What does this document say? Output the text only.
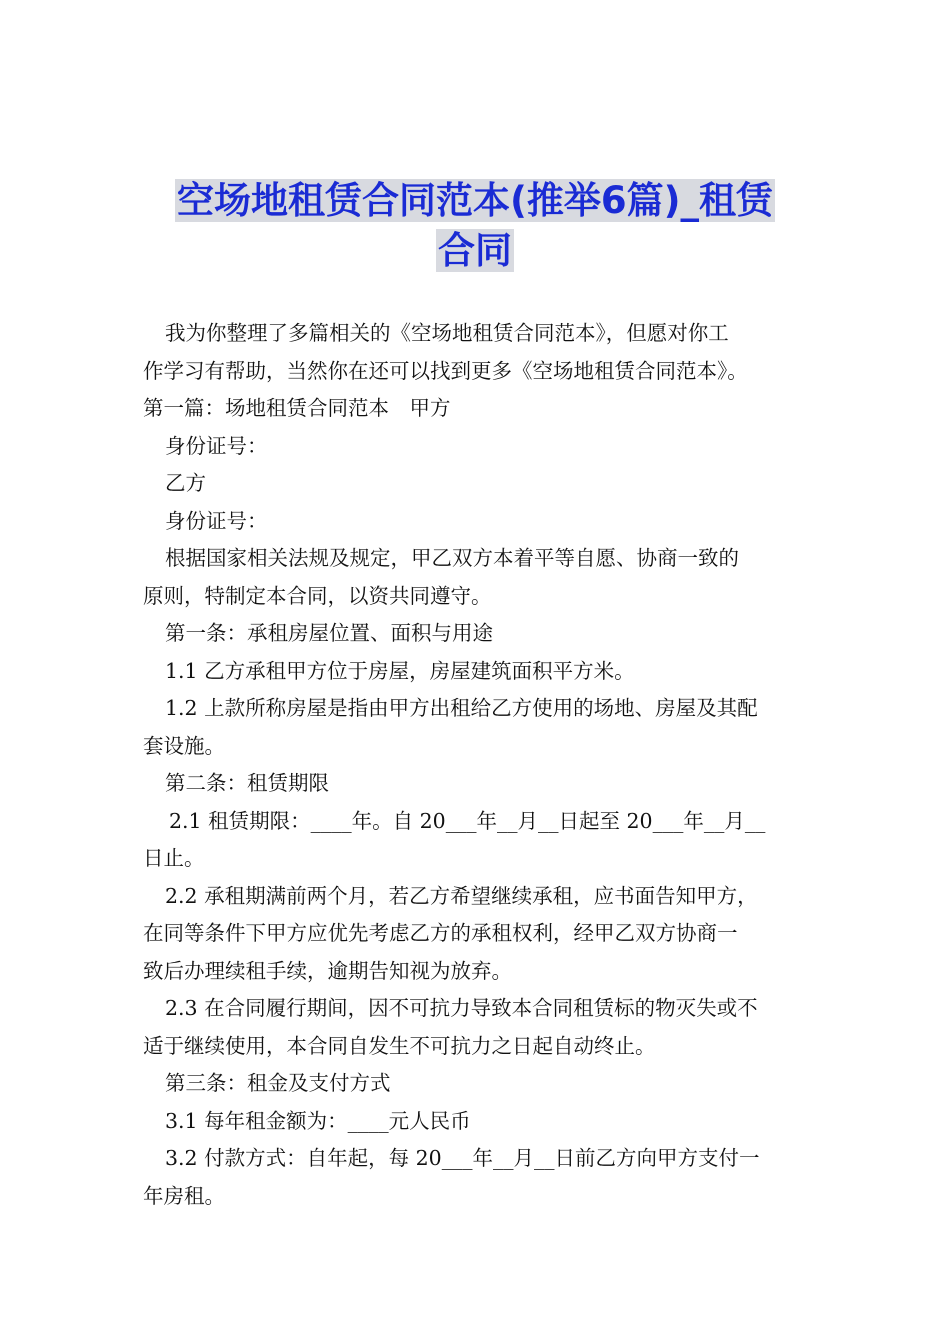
空场地租赁合同范本(推举6篇)_租赁
合同

我为你整理了多篇相关的《空场地租赁合同范本》，但愿对你工

作学习有帮助，当然你在还可以找到更多《空场地租赁合同范本》。

第一篇：场地租赁合同范本　甲方

身份证号：

乙方

身份证号：

根据国家相关法规及规定，甲乙双方本着平等自愿、协商一致的

原则，特制定本合同，以资共同遵守。

第一条：承租房屋位置、面积与用途

1.1 乙方承租甲方位于房屋，房屋建筑面积平方米。

1.2 上款所称房屋是指由甲方出租给乙方使用的场地、房屋及其配

套设施。

第二条：租赁期限

2.1 租赁期限：____年。自 20___年__月__日起至 20___年__月__

日止。

2.2 承租期满前两个月，若乙方希望继续承租，应书面告知甲方，

在同等条件下甲方应优先考虑乙方的承租权利，经甲乙双方协商一

致后办理续租手续，逾期告知视为放弃。

2.3 在合同履行期间，因不可抗力导致本合同租赁标的物灭失或不

适于继续使用，本合同自发生不可抗力之日起自动终止。

第三条：租金及支付方式

3.1 每年租金额为：____元人民币

3.2 付款方式：自年起，每 20___年__月__日前乙方向甲方支付一

年房租。
